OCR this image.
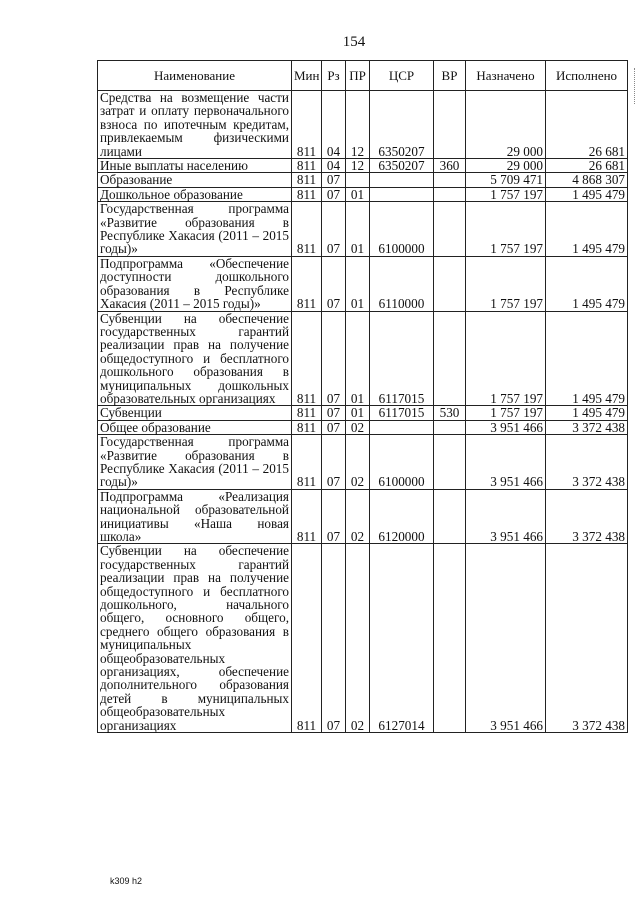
154
Наименование	Мин	Рз	ПР	ЦСР	ВР	Назначено	Исполнено
Средства на возмещение части затрат и оплату первоначального взноса по ипотечным кредитам, привлекаемым физическими лицами	811	04	12	6350207		29 000	26 681
Иные выплаты населению	811	04	12	6350207	360	29 000	26 681
Образование	811	07				5 709 471	4 868 307
Дошкольное образование	811	07	01			1 757 197	1 495 479
Государственная программа «Развитие образования в Республике Хакасия (2011 – 2015 годы)»	811	07	01	6100000		1 757 197	1 495 479
Подпрограмма «Обеспечение доступности дошкольного образования в Республике Хакасия (2011 – 2015 годы)»	811	07	01	6110000		1 757 197	1 495 479
Субвенции на обеспечение государственных гарантий реализации прав на получение общедоступного и бесплатного дошкольного образования в муниципальных дошкольных образовательных организациях	811	07	01	6117015		1 757 197	1 495 479
Субвенции	811	07	01	6117015	530	1 757 197	1 495 479
Общее образование	811	07	02			3 951 466	3 372 438
Государственная программа «Развитие образования в Республике Хакасия (2011 – 2015 годы)»	811	07	02	6100000		3 951 466	3 372 438
Подпрограмма «Реализация национальной образовательной инициативы «Наша новая школа»	811	07	02	6120000		3 951 466	3 372 438
Субвенции на обеспечение государственных гарантий реализации прав на получение общедоступного и бесплатного дошкольного, начального общего, основного общего, среднего общего образования в муниципальных общеобразовательных организациях, обеспечение дополнительного образования детей в муниципальных общеобразовательных организациях	811	07	02	6127014		3 951 466	3 372 438
k309 h2
